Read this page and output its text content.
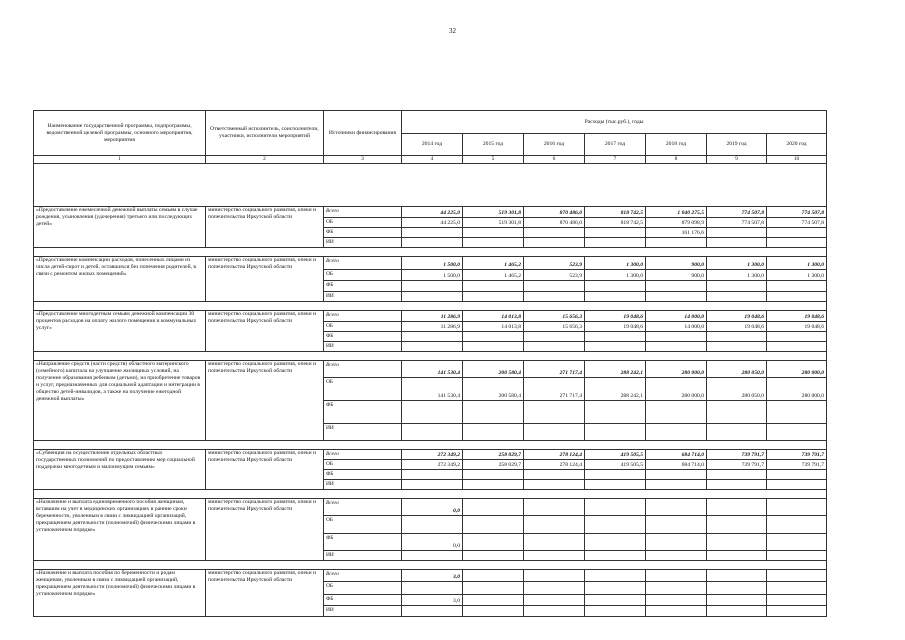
32
Наименование государственной программы, подпрограммы, ведомственной целевой программы, основного мероприятия, мероприятия	Ответственный исполнитель, соисполнители, участники, исполнители мероприятий	Источники финансирования	Расходы (тыс.руб.), годы						
			2014 год	2015 год	2016 год	2017 год	2018 год	2019 год	2020 год
1	2	3	4	5	6	7	8	9	10

«Предоставление ежемесячной денежной выплаты семьям в случае рождения, усыновления (удочерения) третьего или последующих детей»	министерство социального развития, опеки и попечительства Иркутской области	Всего	44 225,0	519 301,8	870 486,0	818 742,5	1 040 275,5	774 507,8	774 507,8
		ОБ	44 225,0	519 301,8	870 486,0	818 742,5	879 098,9	774 507,8	774 507,8
		ФБ					161 176,6		
		ИИ							

«Предоставление компенсации расходов, понесенных лицами из числа детей-сирот и детей, оставшихся без попечения родителей, в связи с ремонтом жилых помещений»	министерство социального развития, опеки и попечительства Иркутской области	Всего	1 500,0	1 465,2	523,9	1 300,0	900,0	1 300,0	1 300,0
		ОБ	1 500,0	1 465,2	523,9	1 300,0	900,0	1 300,0	1 300,0
		ФБ							
		ИИ							

«Предоставление многодетным семьям денежной компенсации 30 процентов расходов на оплату жилого помещения и коммунальных услуг»	министерство социального развития, опеки и попечительства Иркутской области	Всего	11 286,9	14 013,8	15 656,3	19 048,6	14 000,0	19 048,6	19 048,6
		ОБ	11 286,9	14 013,8	15 656,3	19 048,6	14 000,0	19 048,6	19 048,6
		ФБ							
		ИИ							

«Направление средств (части средств) областного материнского (семейного) капитала на улучшение жилищных условий, на получение образования ребенком (детьми), на приобретение товаров и услуг, предназначенных для социальной адаптации и интеграции в общество детей-инвалидов, а также на получение ежегодной денежной выплаты»	министерство социального развития, опеки и попечительства Иркутской области	Всего	141 530,4	200 580,4	271 717,4	288 242,1	280 000,0	280 050,0	280 000,0
		ОБ	141 530,4	200 580,4	271 717,4	288 242,1	280 000,0	280 050,0	280 000,0
		ФБ							
		ИИ							

«Субвенция на осуществление отдельных областных государственных полномочий по предоставлению мер социальной поддержки многодетным и малоимущим семьям»	министерство социального развития, опеки и попечительства Иркутской области	Всего	272 349,2	258 029,7	278 124,4	419 505,5	684 714,0	739 791,7	739 791,7
		ОБ	272 349,2	258 029,7	278 124,4	419 505,5	684 714,0	739 791,7	739 791,7
		ФБ							
		ИИ							

«Назначение и выплата единовременного пособия женщинам, вставшим на учет в медицинских организациях в ранние сроки беременности, уволенным в связи с ликвидацией организаций, прекращением деятельности (полномочий) физическими лицами в установленном порядке»	министерство социального развития, опеки и попечительства Иркутской области	Всего	0,0						
		ОБ							
		ФБ	0,0						
		ИИ							

«Назначение и выплата пособия по беременности и родам женщинам, уволенным в связи с ликвидацией организаций, прекращением деятельности (полномочий) физическими лицами в установленном порядке»	министерство социального развития, опеки и попечительства Иркутской области	Всего	3,0						
		ОБ							
		ФБ	3,0						
		ИИ							
